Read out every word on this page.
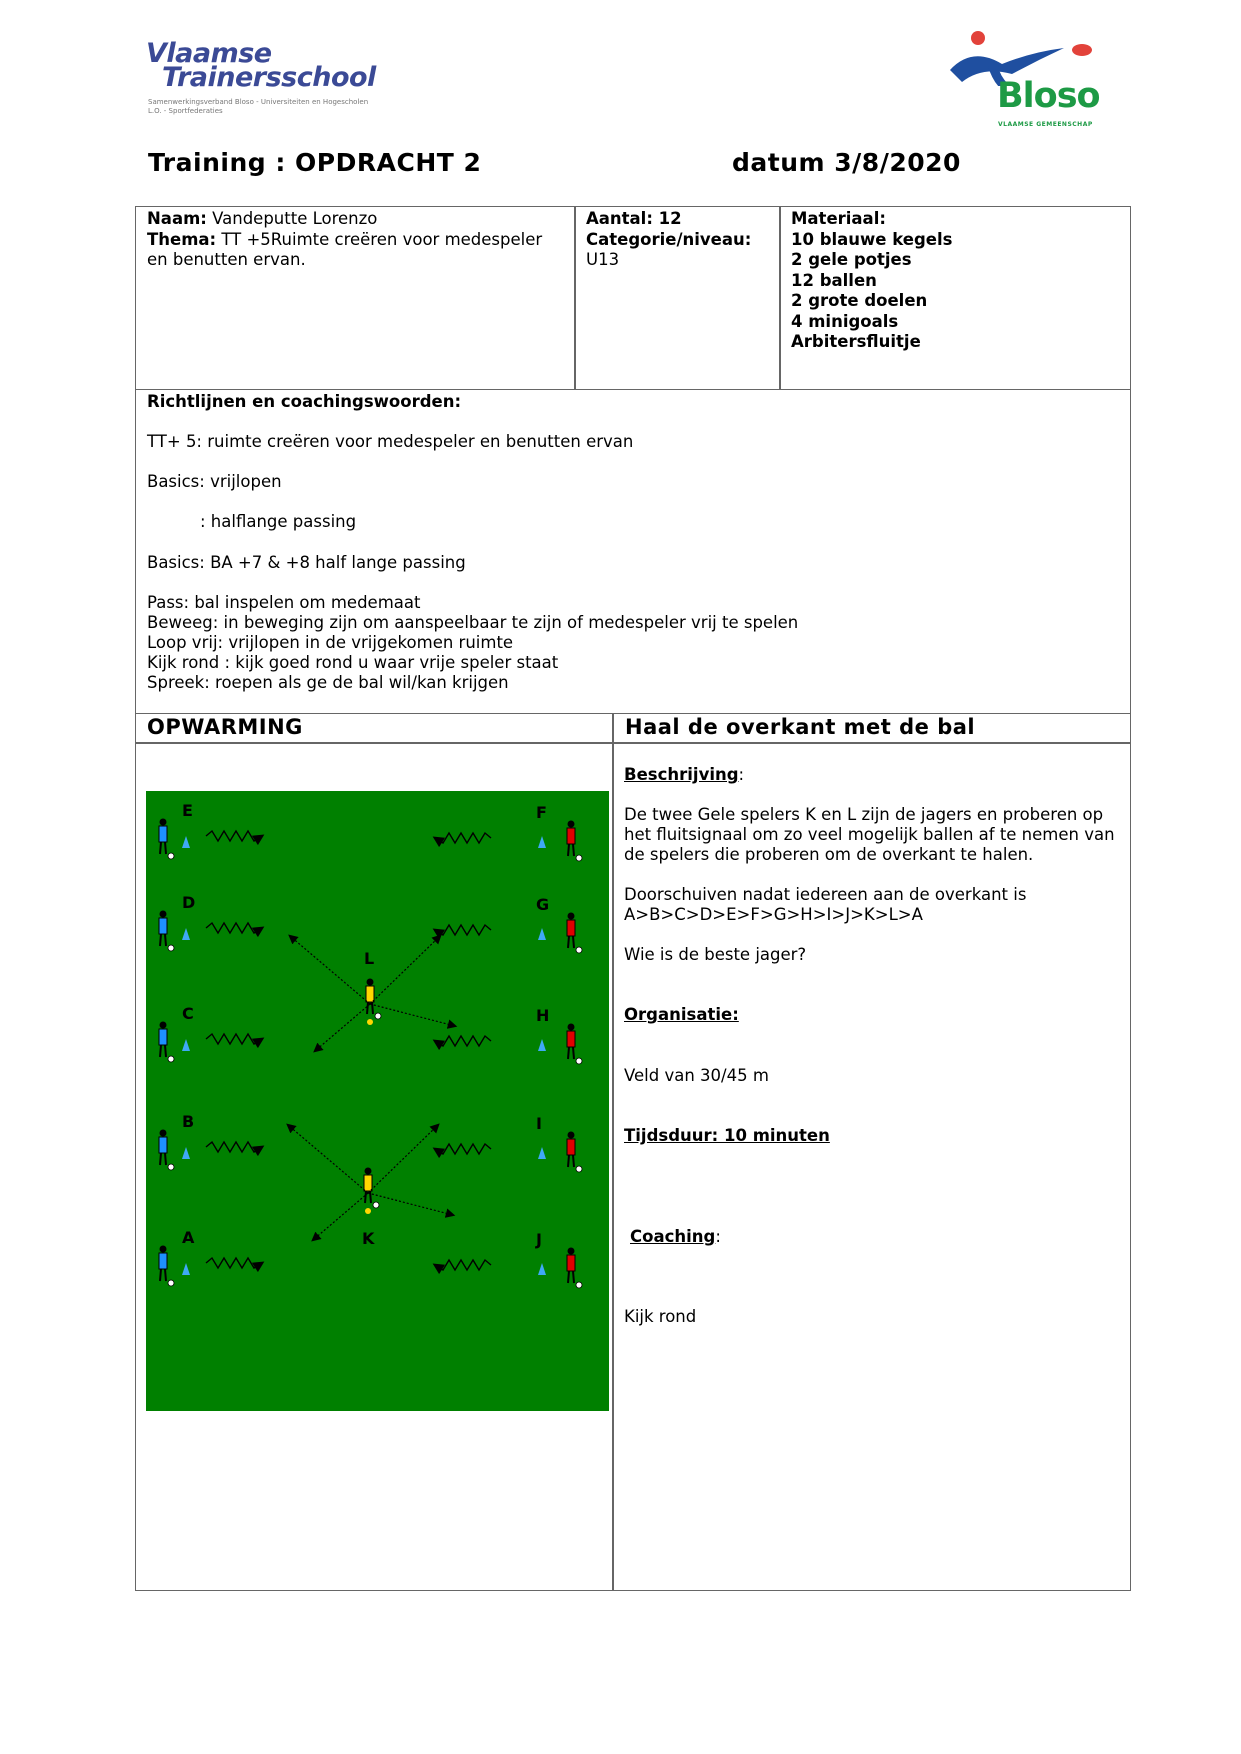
Vlaamse
Trainersschool
Samenwerkingsverband Bloso - Universiteiten en Hogescholen L.O. - Sportfederaties	Bloso
VLAAMSE GEMEENSCHAP
Training : OPDRACHT 2	datum 3/8/2020
Naam: Vandeputte Lorenzo
Thema: TT +5Ruimte creëren voor medespeler
en benutten ervan.
Aantal: 12
Categorie/niveau:
U13
Materiaal:
10 blauwe kegels
2 gele potjes
12 ballen
2 grote doelen
4 minigoals
Arbitersfluitje
Richtlijnen en coachingswoorden:
TT+ 5: ruimte creëren voor medespeler en benutten ervan
Basics: vrijlopen
: halflange passing
Basics: BA +7 & +8 half lange passing
Pass: bal inspelen om medemaat
Beweeg: in beweging zijn om aanspeelbaar te zijn of medespeler vrij te spelen
Loop vrij: vrijlopen in de vrijgekomen ruimte
Kijk rond : kijk goed rond u waar vrije speler staat
Spreek: roepen als ge de bal wil/kan krijgen
OPWARMING	Haal de overkant met de bal
Beschrijving:
De twee Gele spelers K en L zijn de jagers en proberen op
het fluitsignaal om zo veel mogelijk ballen af te nemen van
de spelers die proberen om de overkant te halen.
Doorschuiven nadat iedereen aan de overkant is
A>B>C>D>E>F>G>H>I>J>K>L>A
Wie is de beste jager?
Organisatie:
Veld van 30/45 m
Tijdsduur: 10 minuten
Coaching:
Kijk rond
E
D
C
B
A
F
G
H
I
J
L
K
